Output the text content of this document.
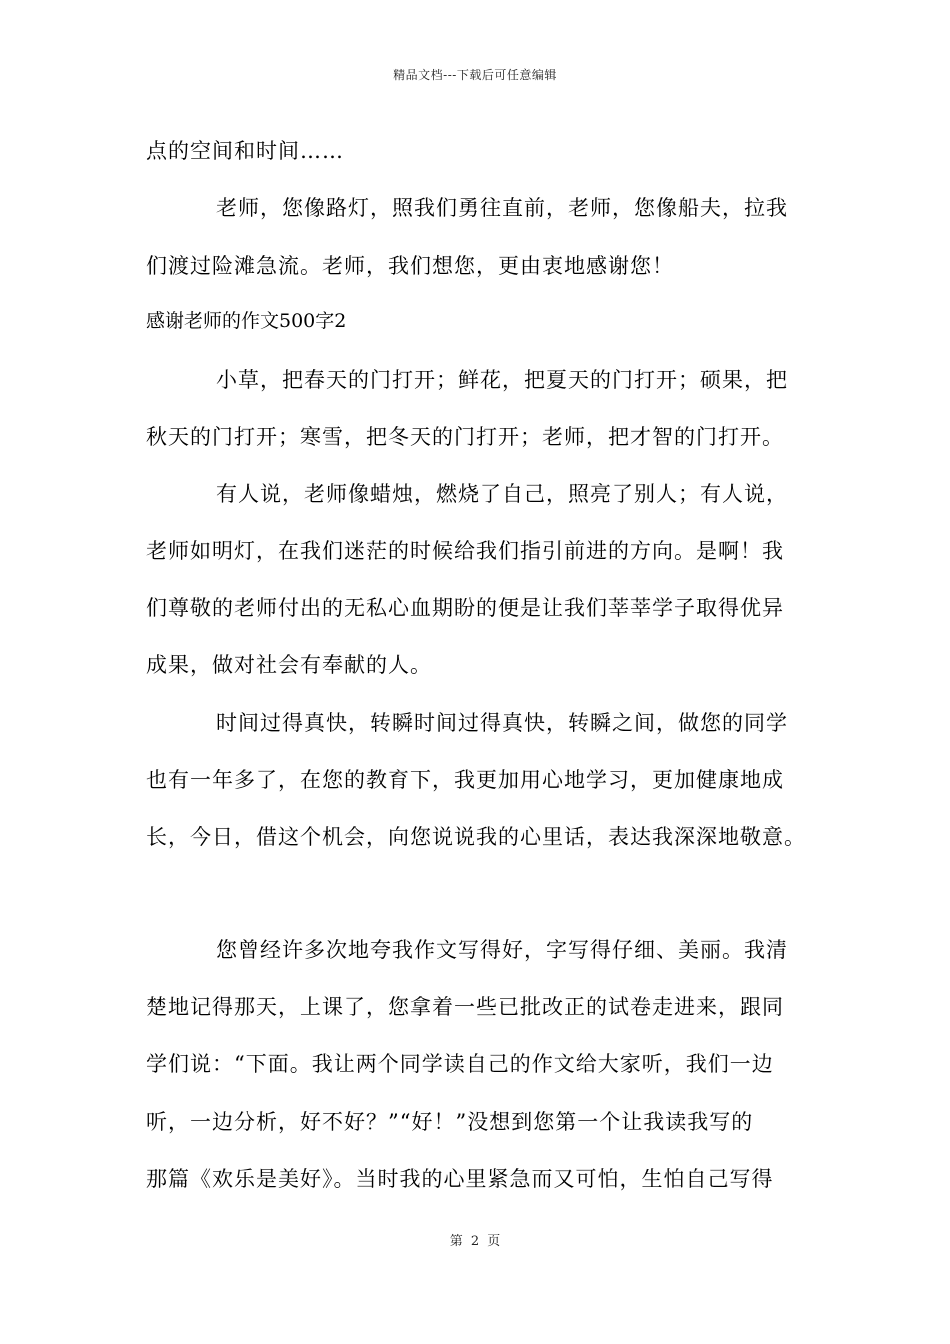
精品文档---下载后可任意编辑
点的空间和时间……
老师，您像路灯，照我们勇往直前，老师，您像船夫，拉我
们渡过险滩急流。老师，我们想您，更由衷地感谢您！
感谢老师的作文500字2
小草，把春天的门打开；鲜花，把夏天的门打开；硕果，把
秋天的门打开；寒雪，把冬天的门打开；老师，把才智的门打开。
有人说，老师像蜡烛，燃烧了自己，照亮了别人；有人说，
老师如明灯，在我们迷茫的时候给我们指引前进的方向。是啊！我
们尊敬的老师付出的无私心血期盼的便是让我们莘莘学子取得优异
成果，做对社会有奉献的人。
时间过得真快，转瞬时间过得真快，转瞬之间，做您的同学
也有一年多了，在您的教育下，我更加用心地学习，更加健康地成
长，今日，借这个机会，向您说说我的心里话，表达我深深地敬意。
您曾经许多次地夸我作文写得好，字写得仔细、美丽。我清
楚地记得那天，上课了，您拿着一些已批改正的试卷走进来，跟同
学们说：“下面。我让两个同学读自己的作文给大家听，我们一边
听，一边分析，好不好？”“好！”没想到您第一个让我读我写的
那篇《欢乐是美好》。当时我的心里紧急而又可怕，生怕自己写得
第 2 页
